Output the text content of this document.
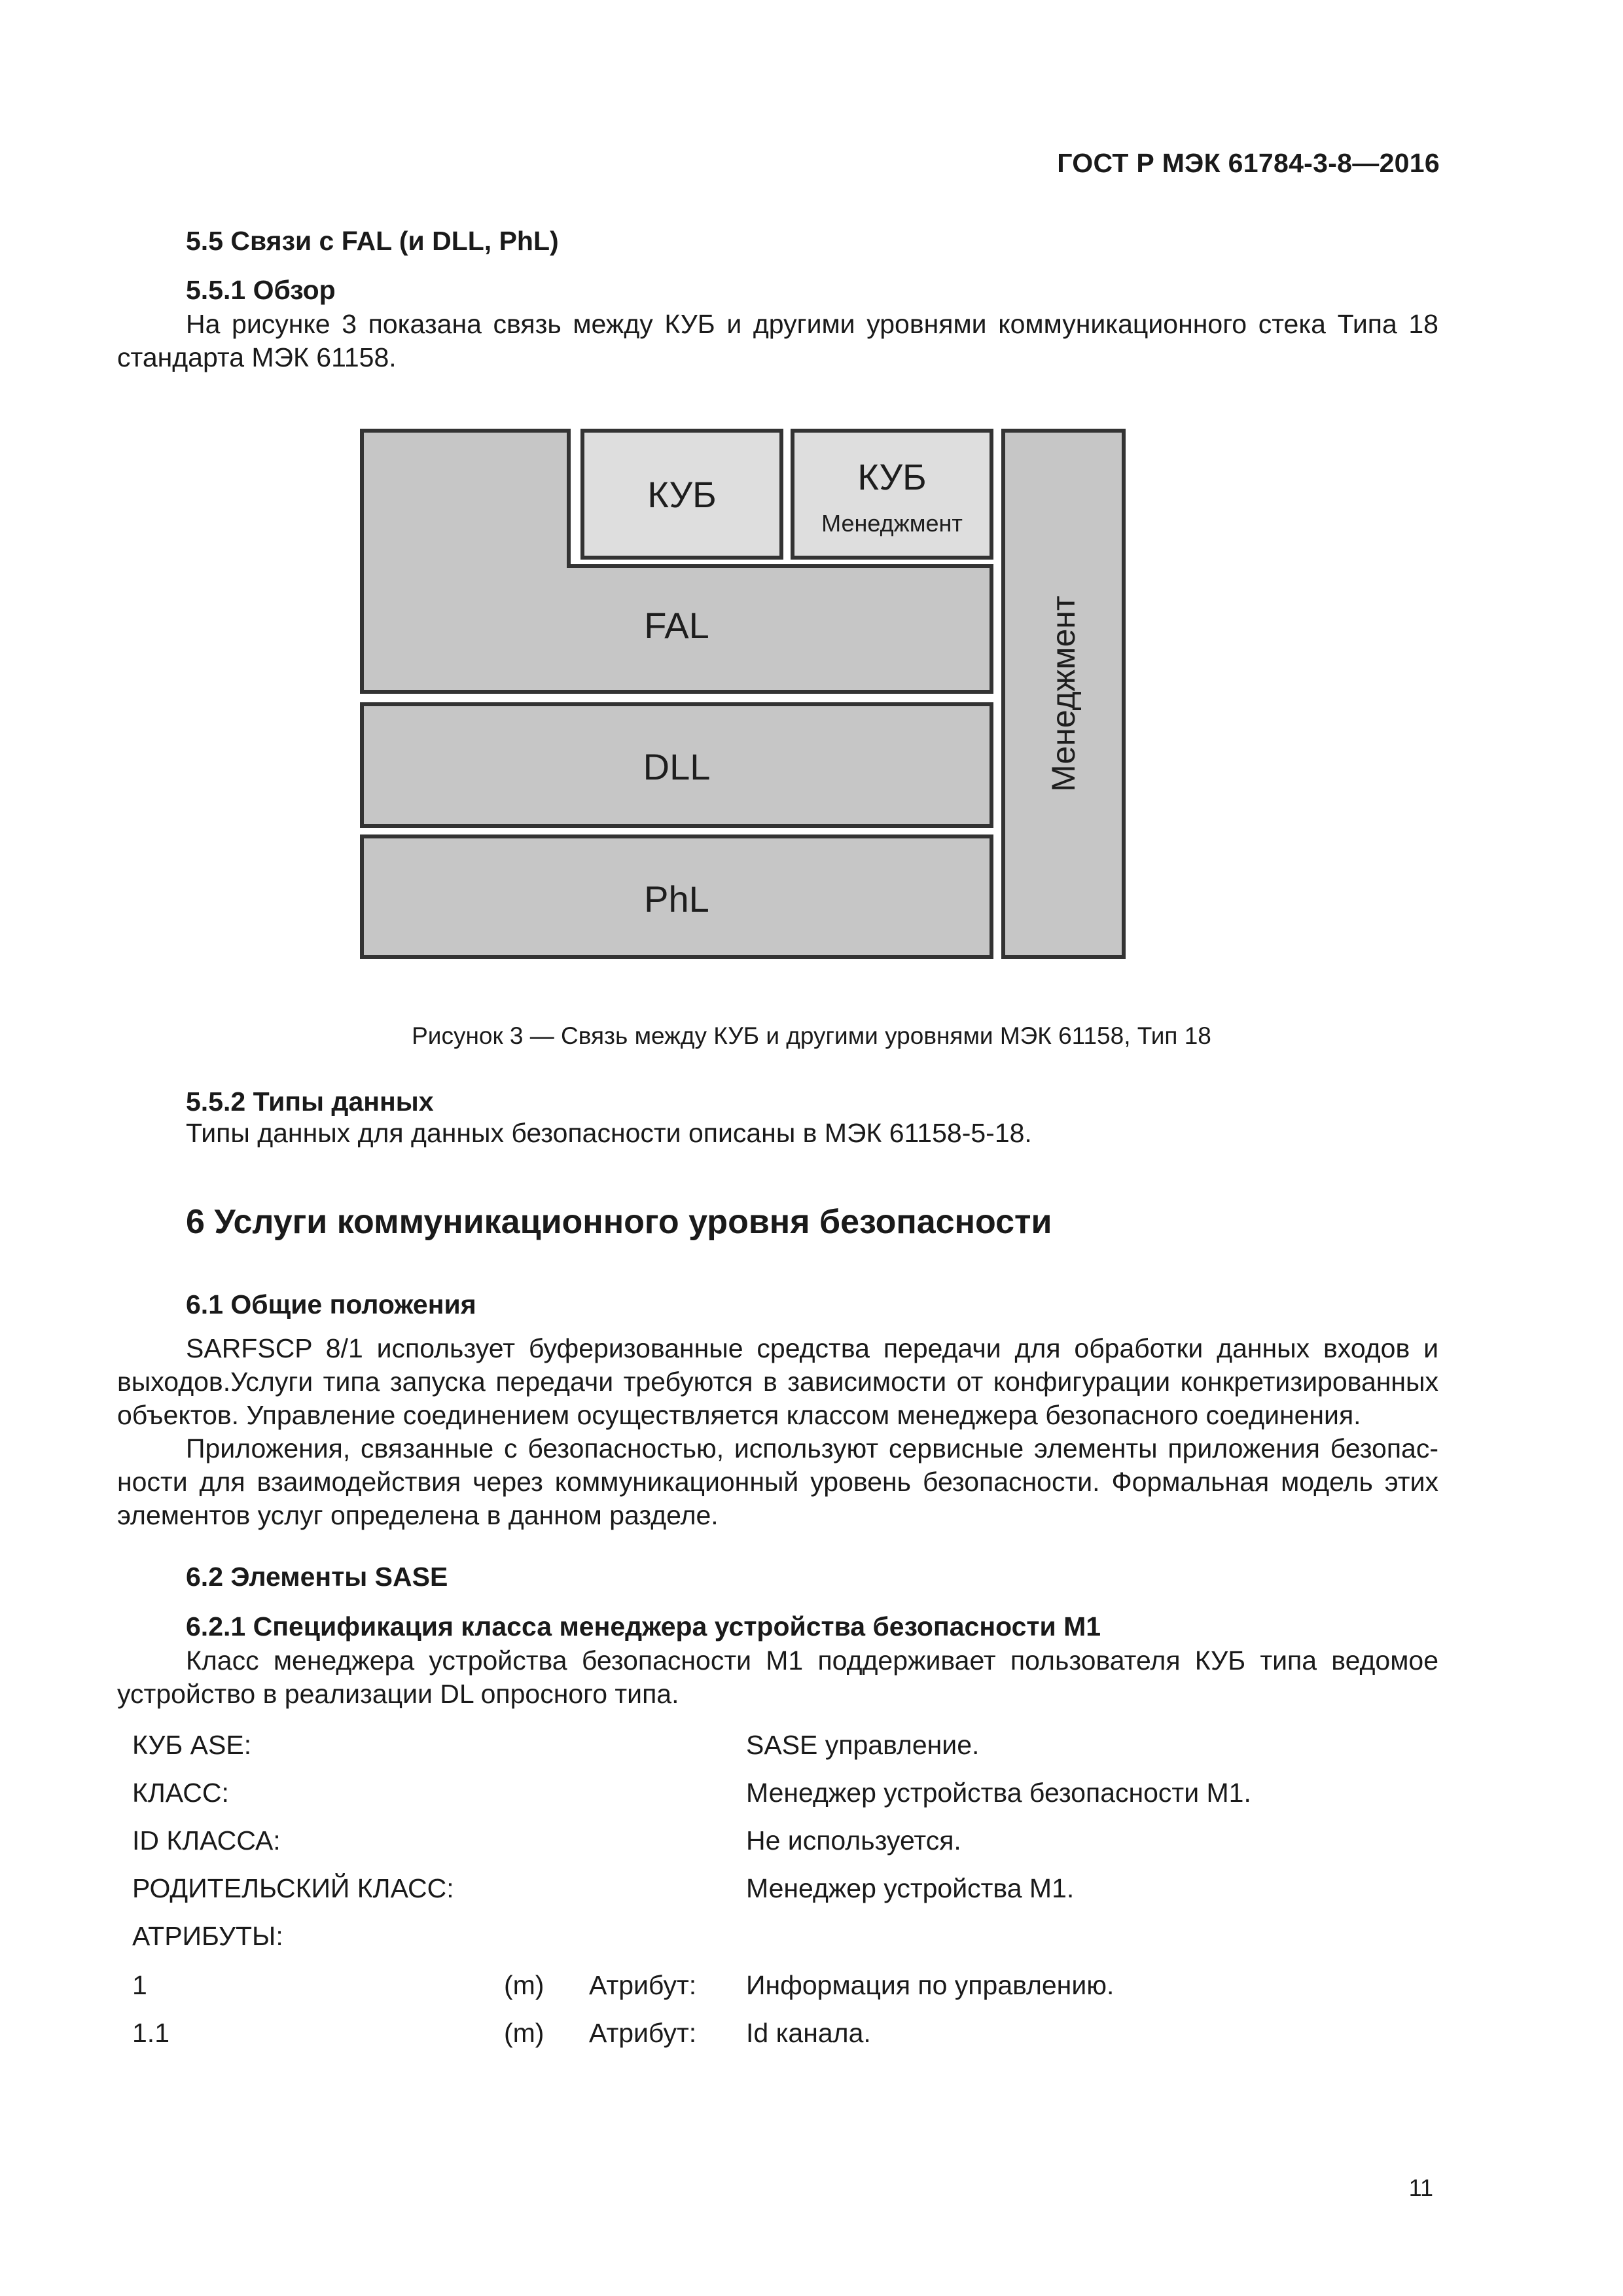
ГОСТ Р МЭК 61784-3-8—2016
5.5 Связи с FAL (и DLL, PhL)
5.5.1 Обзор
На рисунке 3 показана связь между КУБ и другими уровнями коммуникационного стека Типа 18
стандарта МЭК 61158.
КУБ	КУБ
Менеджмент
FAL
DLL
PhL
Менеджмент
Рисунок 3 — Связь между КУБ и другими уровнями МЭК 61158, Тип 18
5.5.2 Типы данных
Типы данных для данных безопасности описаны в МЭК 61158-5-18.
6 Услуги коммуникационного уровня безопасности
6.1 Общие положения
SARFSCP 8/1 использует буферизованные средства передачи для обработки данных входов и
выходов.Услуги типа запуска передачи требуются в зависимости от конфигурации конкретизированных
объектов. Управление соединением осуществляется классом менеджера безопасного соединения.
Приложения, связанные с безопасностью, используют сервисные элементы приложения безопас-
ности для взаимодействия через коммуникационный уровень безопасности. Формальная модель этих
элементов услуг определена в данном разделе.
6.2 Элементы SASE
6.2.1 Спецификация класса менеджера устройства безопасности М1
Класс менеджера устройства безопасности М1 поддерживает пользователя КУБ типа ведомое
устройство в реализации DL опросного типа.
КУБ ASE:	SASE управление.
КЛАСС:	Менеджер устройства безопасности М1.
ID КЛАССА:	Не используется.
РОДИТЕЛЬСКИЙ КЛАСС:	Менеджер устройства М1.
АТРИБУТЫ:
1	(m) Атрибут: Информация по управлению.
1.1	(m) Атрибут: Id канала.
11
